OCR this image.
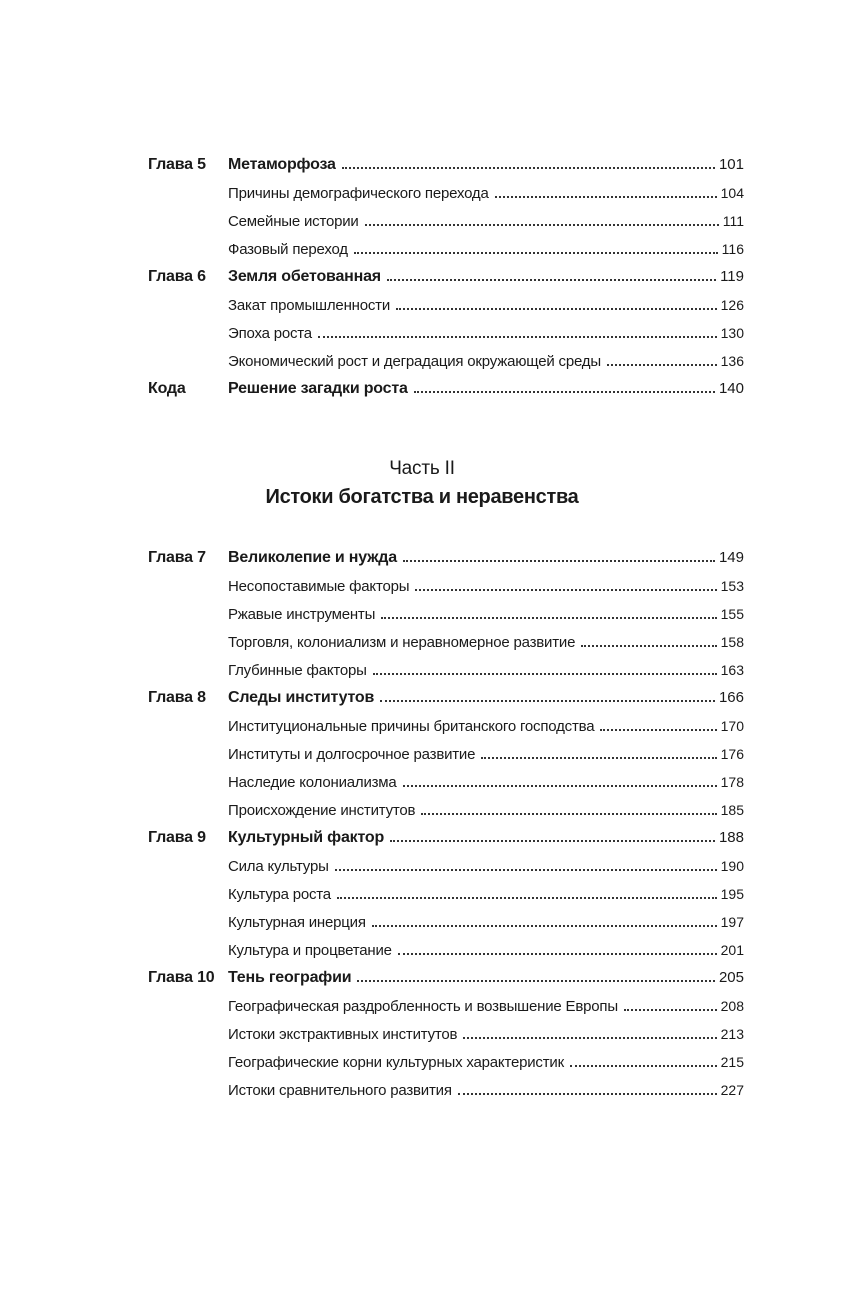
Глава 5 Метаморфоза	101
Причины демографического перехода	104
Семейные истории	111
Фазовый переход	116
Глава 6 Земля обетованная	119
Закат промышленности	126
Эпоха роста	130
Экономический рост и деградация окружающей среды	136
Кода	Решение загадки роста	140
Часть II
Истоки богатства и неравенства
Глава 7 Великолепие и нужда	149
Несопоставимые факторы	153
Ржавые инструменты	155
Торговля, колониализм и неравномерное развитие	158
Глубинные факторы	163
Глава 8 Следы институтов	166
Институциональные причины британского господства	170
Институты и долгосрочное развитие	176
Наследие колониализма	178
Происхождение институтов	185
Глава 9 Культурный фактор	188
Сила культуры	190
Культура роста	195
Культурная инерция	197
Культура и процветание	201
Глава 10 Тень географии	205
Географическая раздробленность и возвышение Европы	208
Истоки экстрактивных институтов	213
Географические корни культурных характеристик	215
Истоки сравнительного развития	227
